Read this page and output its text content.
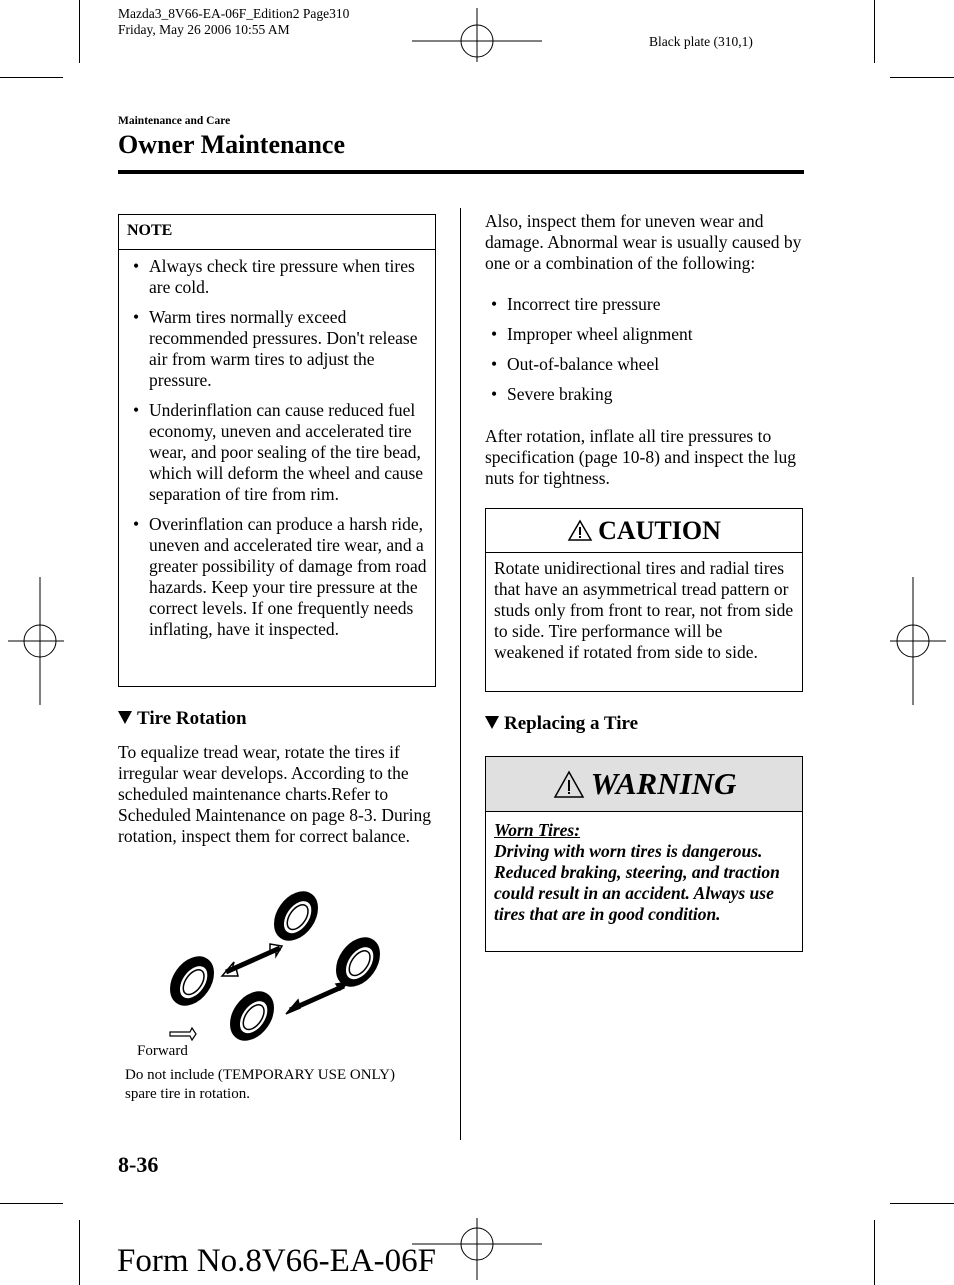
Mazda3_8V66-EA-06F_Edition2 Page310
Friday, May 26 2006 10:55 AM
Black plate (310,1)
Maintenance and Care
Owner Maintenance
NOTE
• Always check tire pressure when tires are cold.
• Warm tires normally exceed recommended pressures. Don't release air from warm tires to adjust the pressure.
• Underinflation can cause reduced fuel economy, uneven and accelerated tire wear, and poor sealing of the tire bead, which will deform the wheel and cause separation of tire from rim.
• Overinflation can produce a harsh ride, uneven and accelerated tire wear, and a greater possibility of damage from road hazards. Keep your tire pressure at the correct levels. If one frequently needs inflating, have it inspected.
Tire Rotation
To equalize tread wear, rotate the tires if irregular wear develops. According to the scheduled maintenance charts.Refer to Scheduled Maintenance on page 8-3. During rotation, inspect them for correct balance.
Forward
Do not include (TEMPORARY USE ONLY) spare tire in rotation.
Also, inspect them for uneven wear and damage. Abnormal wear is usually caused by one or a combination of the following:
• Incorrect tire pressure
• Improper wheel alignment
• Out-of-balance wheel
• Severe braking
After rotation, inflate all tire pressures to specification (page 10-8) and inspect the lug nuts for tightness.
CAUTION
Rotate unidirectional tires and radial tires that have an asymmetrical tread pattern or studs only from front to rear, not from side to side. Tire performance will be weakened if rotated from side to side.
Replacing a Tire
WARNING
Worn Tires:
Driving with worn tires is dangerous. Reduced braking, steering, and traction could result in an accident. Always use tires that are in good condition.
8-36
Form No.8V66-EA-06F
